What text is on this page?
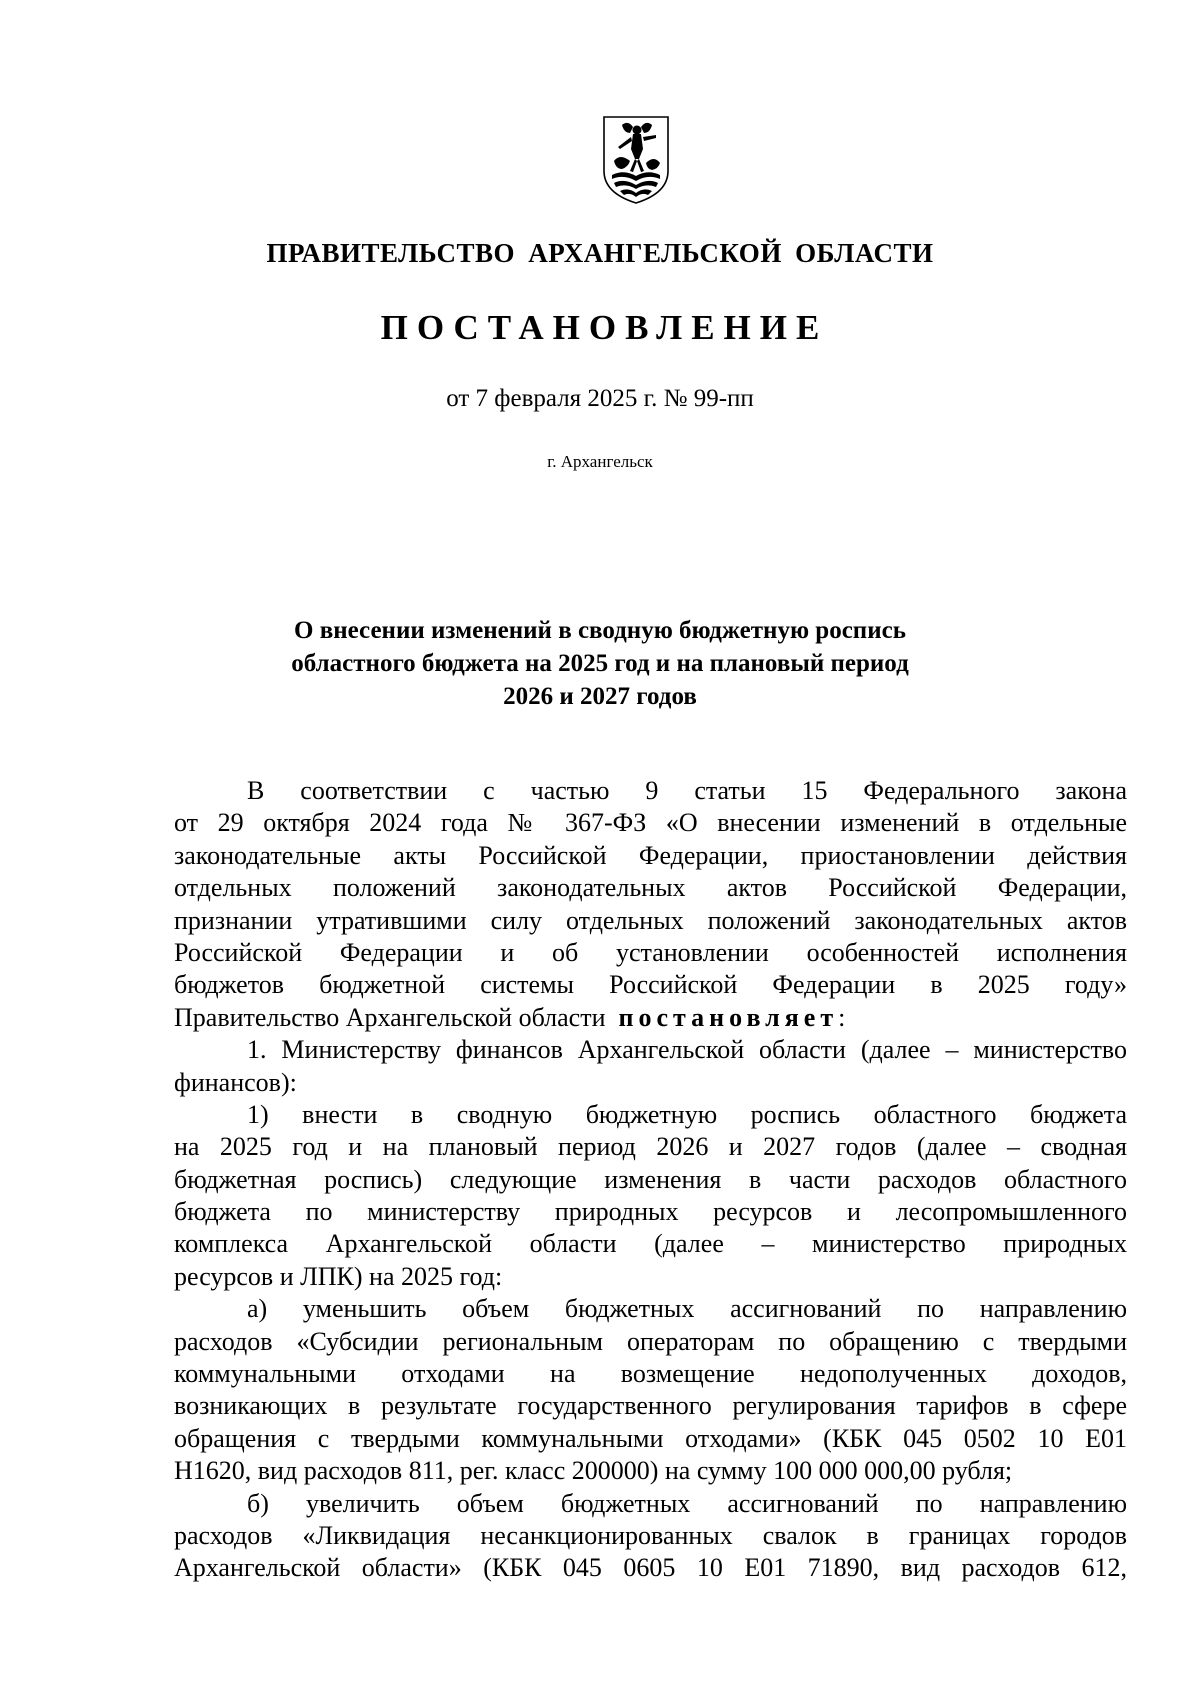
ПРАВИТЕЛЬСТВО АРХАНГЕЛЬСКОЙ ОБЛАСТИ
ПОСТАНОВЛЕНИЕ
от 7 февраля 2025 г. № 99-пп
г. Архангельск
О внесении изменений в сводную бюджетную роспись
областного бюджета на 2025 год и на плановый период
2026 и 2027 годов
В соответствии с частью 9 статьи 15 Федерального закона
от 29 октября 2024 года № 367-ФЗ «О внесении изменений в отдельные
законодательные акты Российской Федерации, приостановлении действия
отдельных положений законодательных актов Российской Федерации,
признании утратившими силу отдельных положений законодательных актов
Российской Федерации и об установлении особенностей исполнения
бюджетов бюджетной системы Российской Федерации в 2025 году»
Правительство Архангельской области постановляет:
1. Министерству финансов Архангельской области (далее – министерство
финансов):
1) внести в сводную бюджетную роспись областного бюджета
на 2025 год и на плановый период 2026 и 2027 годов (далее – сводная
бюджетная роспись) следующие изменения в части расходов областного
бюджета по министерству природных ресурсов и лесопромышленного
комплекса Архангельской области (далее – министерство природных
ресурсов и ЛПК) на 2025 год:
а) уменьшить объем бюджетных ассигнований по направлению
расходов «Субсидии региональным операторам по обращению с твердыми
коммунальными отходами на возмещение недополученных доходов,
возникающих в результате государственного регулирования тарифов в сфере
обращения с твердыми коммунальными отходами» (КБК 045 0502 10 Е01
Н1620, вид расходов 811, рег. класс 200000) на сумму 100 000 000,00 рубля;
б) увеличить объем бюджетных ассигнований по направлению
расходов «Ликвидация несанкционированных свалок в границах городов
Архангельской области» (КБК 045 0605 10 Е01 71890, вид расходов 612,
